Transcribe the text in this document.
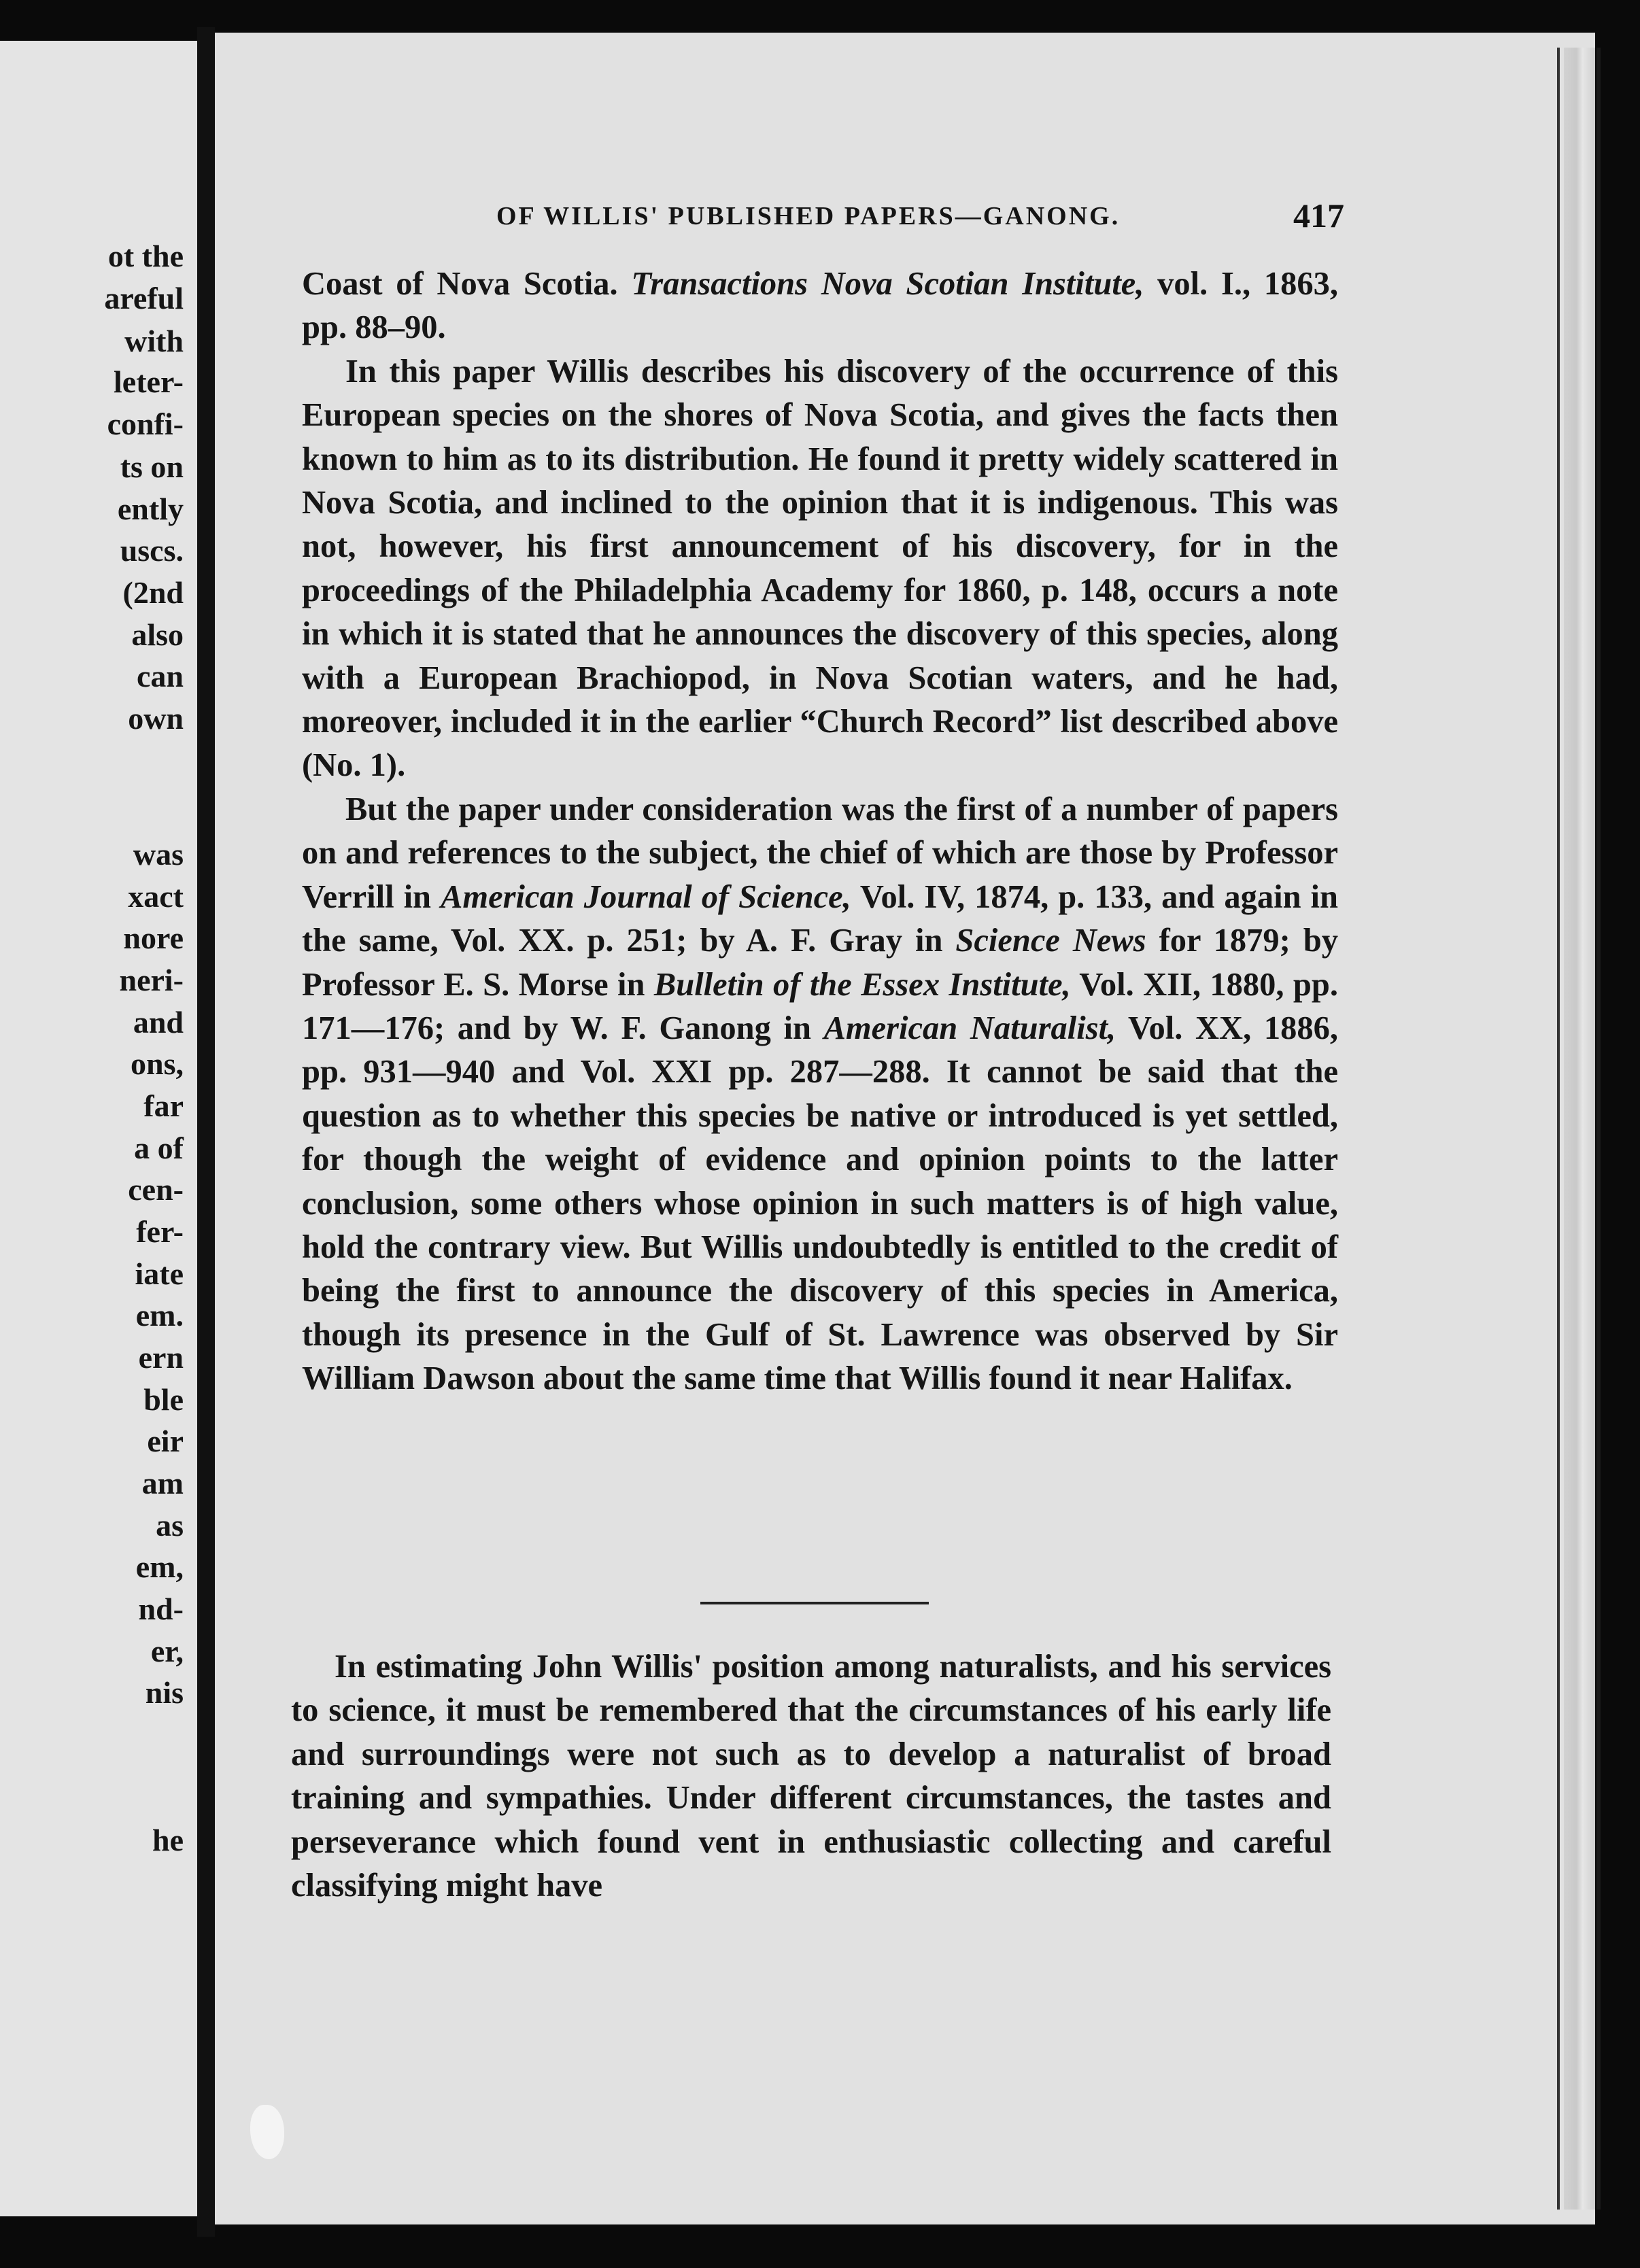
ot the
areful
with
leter-
confi-
ts on
ently
uscs.
(2nd
also
can
own
was
xact
nore
neri-
and
ons,
far
a of
cen-
fer-
iate
em.
ern
ble
eir
am
as
em,
nd-
er,
nis
he
OF WILLIS' PUBLISHED PAPERS—GANONG.	417

Coast of Nova Scotia. Transactions Nova Scotian Institute, vol. I., 1863, pp. 88–90.

In this paper Willis describes his discovery of the occurrence of this European species on the shores of Nova Scotia, and gives the facts then known to him as to its distribution. He found it pretty widely scattered in Nova Scotia, and inclined to the opinion that it is indigenous. This was not, however, his first announcement of his discovery, for in the proceedings of the Philadelphia Academy for 1860, p. 148, occurs a note in which it is stated that he announces the discovery of this species, along with a European Brachiopod, in Nova Scotian waters, and he had, moreover, included it in the earlier “Church Record” list described above (No. 1).

But the paper under consideration was the first of a number of papers on and references to the subject, the chief of which are those by Professor Verrill in American Journal of Science, Vol. IV, 1874, p. 133, and again in the same, Vol. XX. p. 251; by A. F. Gray in Science News for 1879; by Professor E. S. Morse in Bulletin of the Essex Institute, Vol. XII, 1880, pp. 171—176; and by W. F. Ganong in American Naturalist, Vol. XX, 1886, pp. 931—940 and Vol. XXI pp. 287—288. It cannot be said that the question as to whether this species be native or introduced is yet settled, for though the weight of evidence and opinion points to the latter conclusion, some others whose opinion in such matters is of high value, hold the contrary view. But Willis undoubtedly is entitled to the credit of being the first to announce the discovery of this species in America, though its presence in the Gulf of St. Lawrence was observed by Sir William Dawson about the same time that Willis found it near Halifax.

In estimating John Willis' position among naturalists, and his services to science, it must be remembered that the circumstances of his early life and surroundings were not such as to develop a naturalist of broad training and sympathies. Under different circumstances, the tastes and perseverance which found vent in enthusiastic collecting and careful classifying might have
